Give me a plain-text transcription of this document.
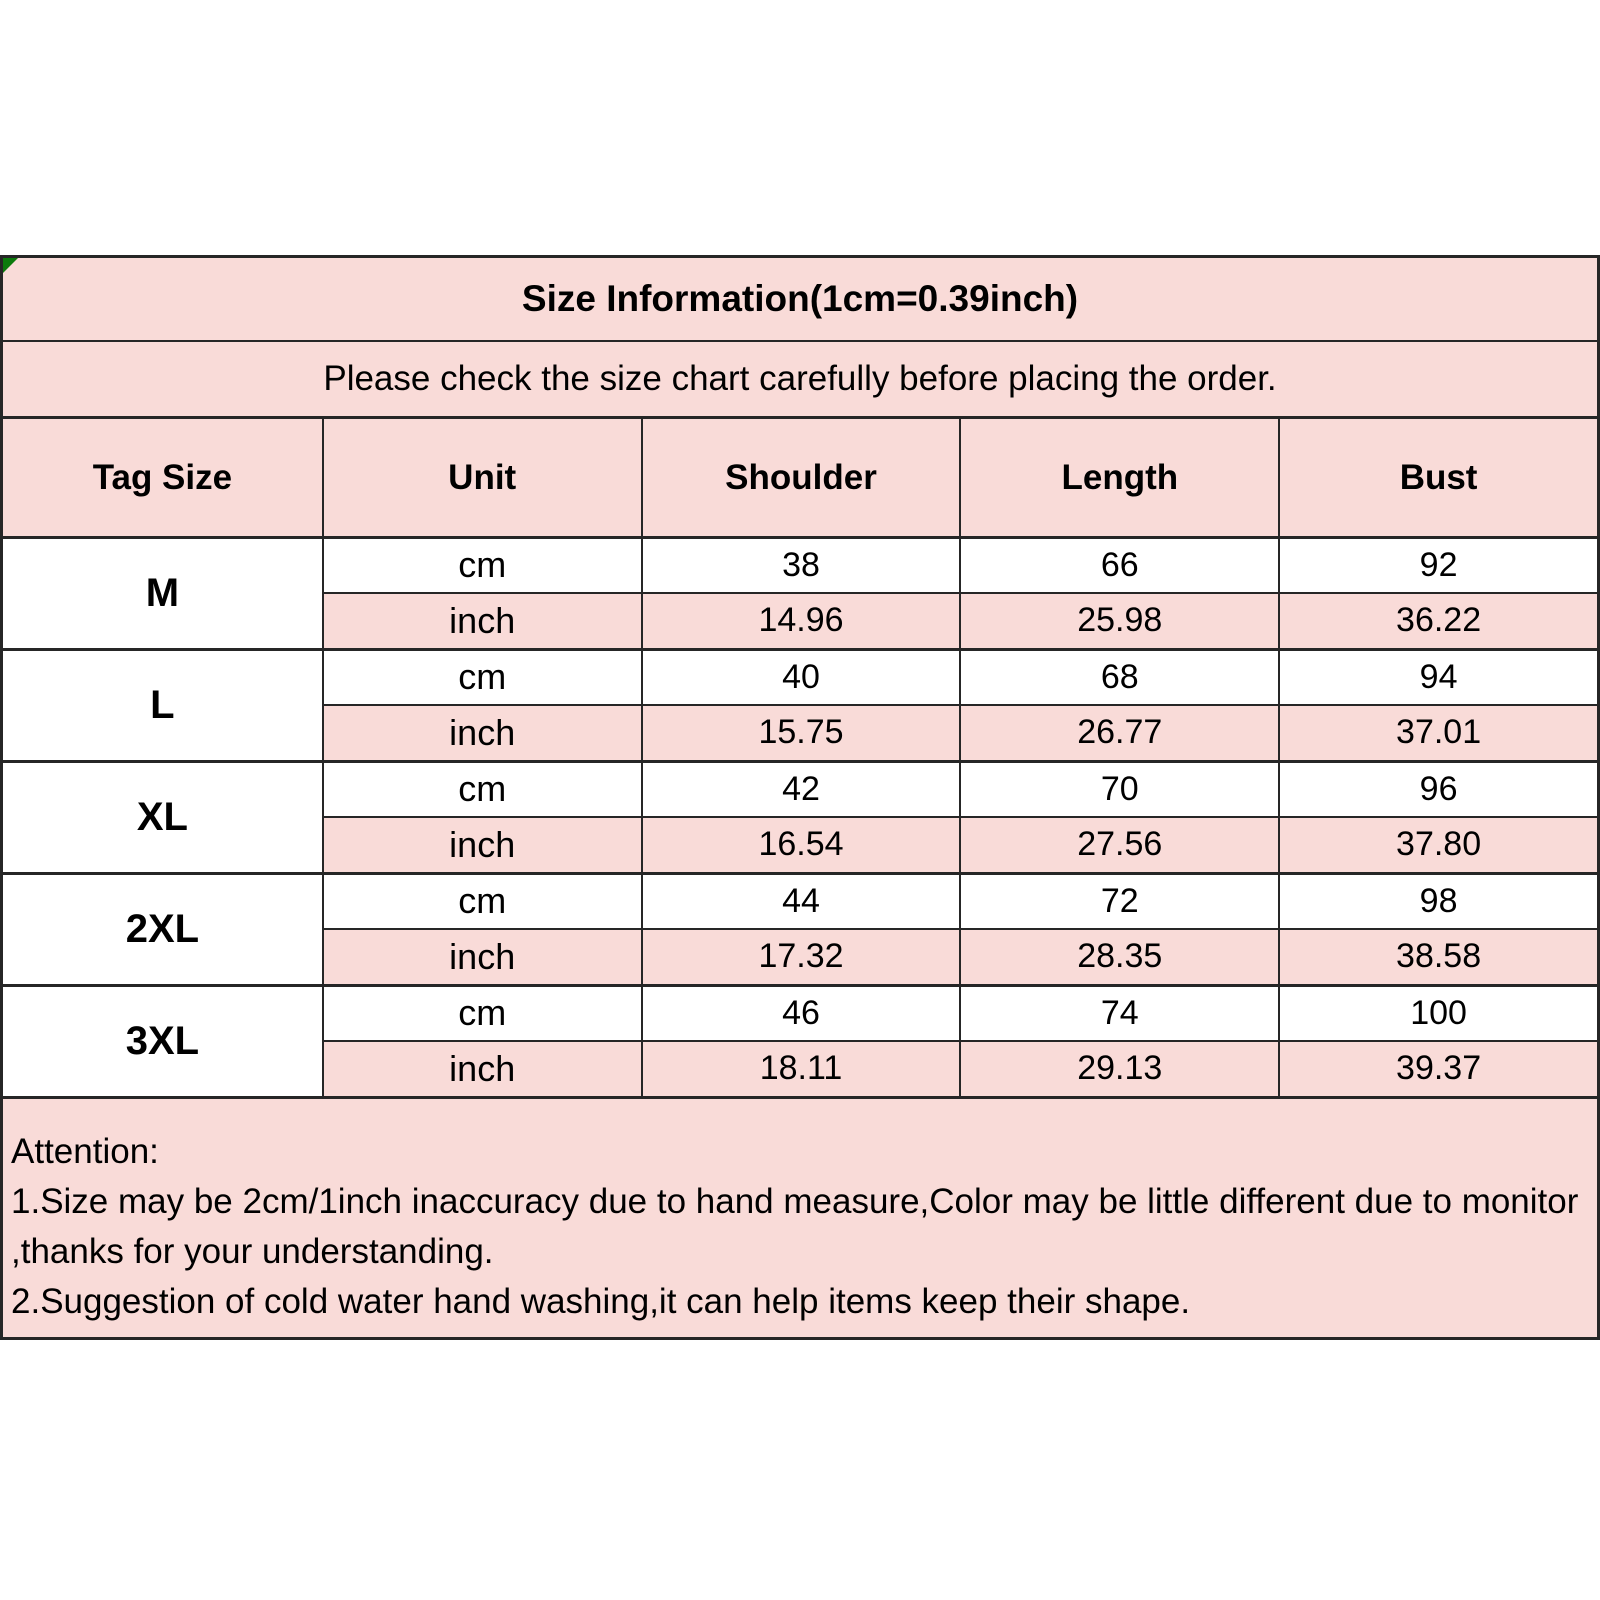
Size Information(1cm=0.39inch)
Please check the size chart carefully before placing the order.
Tag Size	Unit	Shoulder	Length	Bust
M
cm	38	66	92
inch	14.96	25.98	36.22
L
cm	40	68	94
inch	15.75	26.77	37.01
XL
cm	42	70	96
inch	16.54	27.56	37.80
2XL
cm	44	72	98
inch	17.32	28.35	38.58
3XL
cm	46	74	100
inch	18.11	29.13	39.37

Attention:

1.Size may be 2cm/1inch inaccuracy due to hand measure,Color may be little different due to monitor ,thanks for your understanding.

2.Suggestion of cold water hand washing,it can help items keep their shape.
